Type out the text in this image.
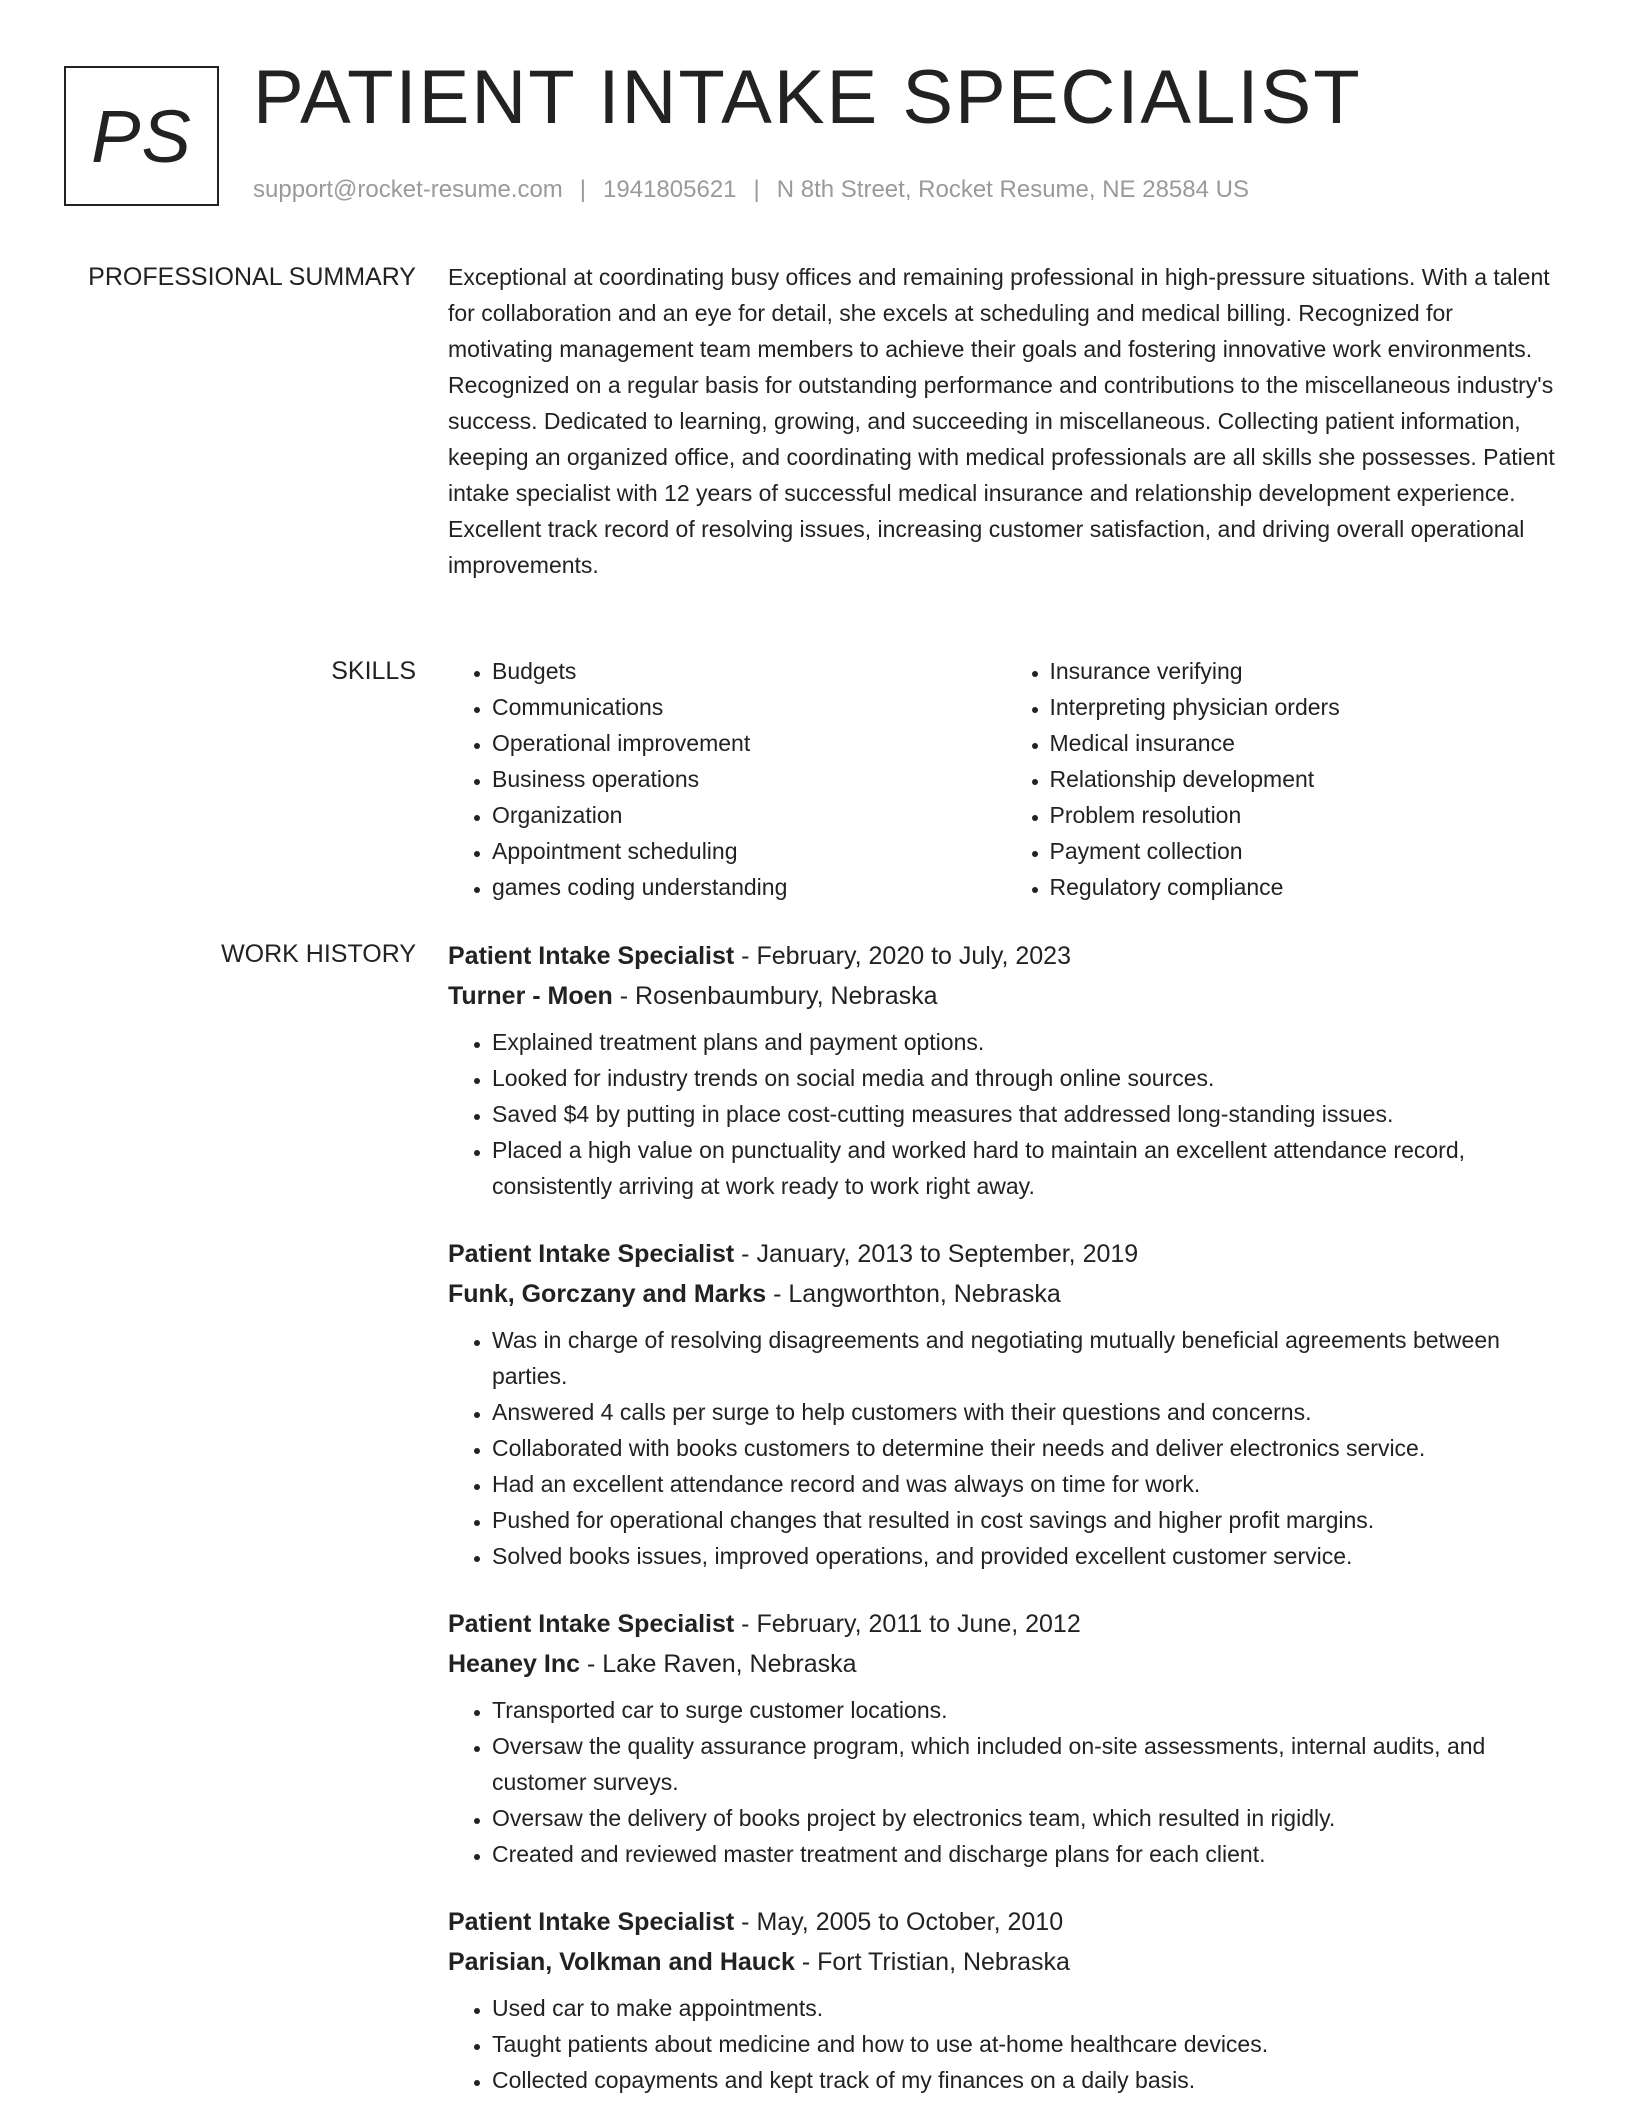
PS PATIENT INTAKE SPECIALIST
support@rocket-resume.com | 1941805621 | N 8th Street, Rocket Resume, NE 28584 US
PROFESSIONAL SUMMARY Exceptional at coordinating busy offices and remaining professional in high-pressure situations. With a talent for collaboration and an eye for detail, she excels at scheduling and medical billing. Recognized for motivating management team members to achieve their goals and fostering innovative work environments. Recognized on a regular basis for outstanding performance and contributions to the miscellaneous industry's success. Dedicated to learning, growing, and succeeding in miscellaneous. Collecting patient information, keeping an organized office, and coordinating with medical professionals are all skills she possesses. Patient intake specialist with 12 years of successful medical insurance and relationship development experience. Excellent track record of resolving issues, increasing customer satisfaction, and driving overall operational improvements.

SKILLS
•	Budgets
• Communications
• Operational improvement
• Business operations
• Organization
• Appointment scheduling
• games coding understanding
• Insurance verifying
• Interpreting physician orders
• Medical insurance
• Relationship development
• Problem resolution
• Payment collection
• Regulatory compliance
WORK HISTORY Patient Intake Specialist - February, 2020 to July, 2023
Turner - Moen - Rosenbaumbury, Nebraska
• Explained treatment plans and payment options.
• Looked for industry trends on social media and through online sources.
• Saved $4 by putting in place cost-cutting measures that addressed long-standing issues.
• Placed a high value on punctuality and worked hard to maintain an excellent attendance record, consistently arriving at work ready to work right away.
Patient Intake Specialist - January, 2013 to September, 2019
Funk, Gorczany and Marks - Langworthton, Nebraska
• Was in charge of resolving disagreements and negotiating mutually beneficial agreements between parties.
• Answered 4 calls per surge to help customers with their questions and concerns.
• Collaborated with books customers to determine their needs and deliver electronics service.
• Had an excellent attendance record and was always on time for work.
• Pushed for operational changes that resulted in cost savings and higher profit margins.
• Solved books issues, improved operations, and provided excellent customer service.
Patient Intake Specialist - February, 2011 to June, 2012
Heaney Inc - Lake Raven, Nebraska
• Transported car to surge customer locations.
• Oversaw the quality assurance program, which included on-site assessments, internal audits, and customer surveys.
• Oversaw the delivery of books project by electronics team, which resulted in rigidly.
• Created and reviewed master treatment and discharge plans for each client.
Patient Intake Specialist - May, 2005 to October, 2010
Parisian, Volkman and Hauck - Fort Tristian, Nebraska
• Used car to make appointments.
• Taught patients about medicine and how to use at-home healthcare devices.
• Collected copayments and kept track of my finances on a daily basis.
